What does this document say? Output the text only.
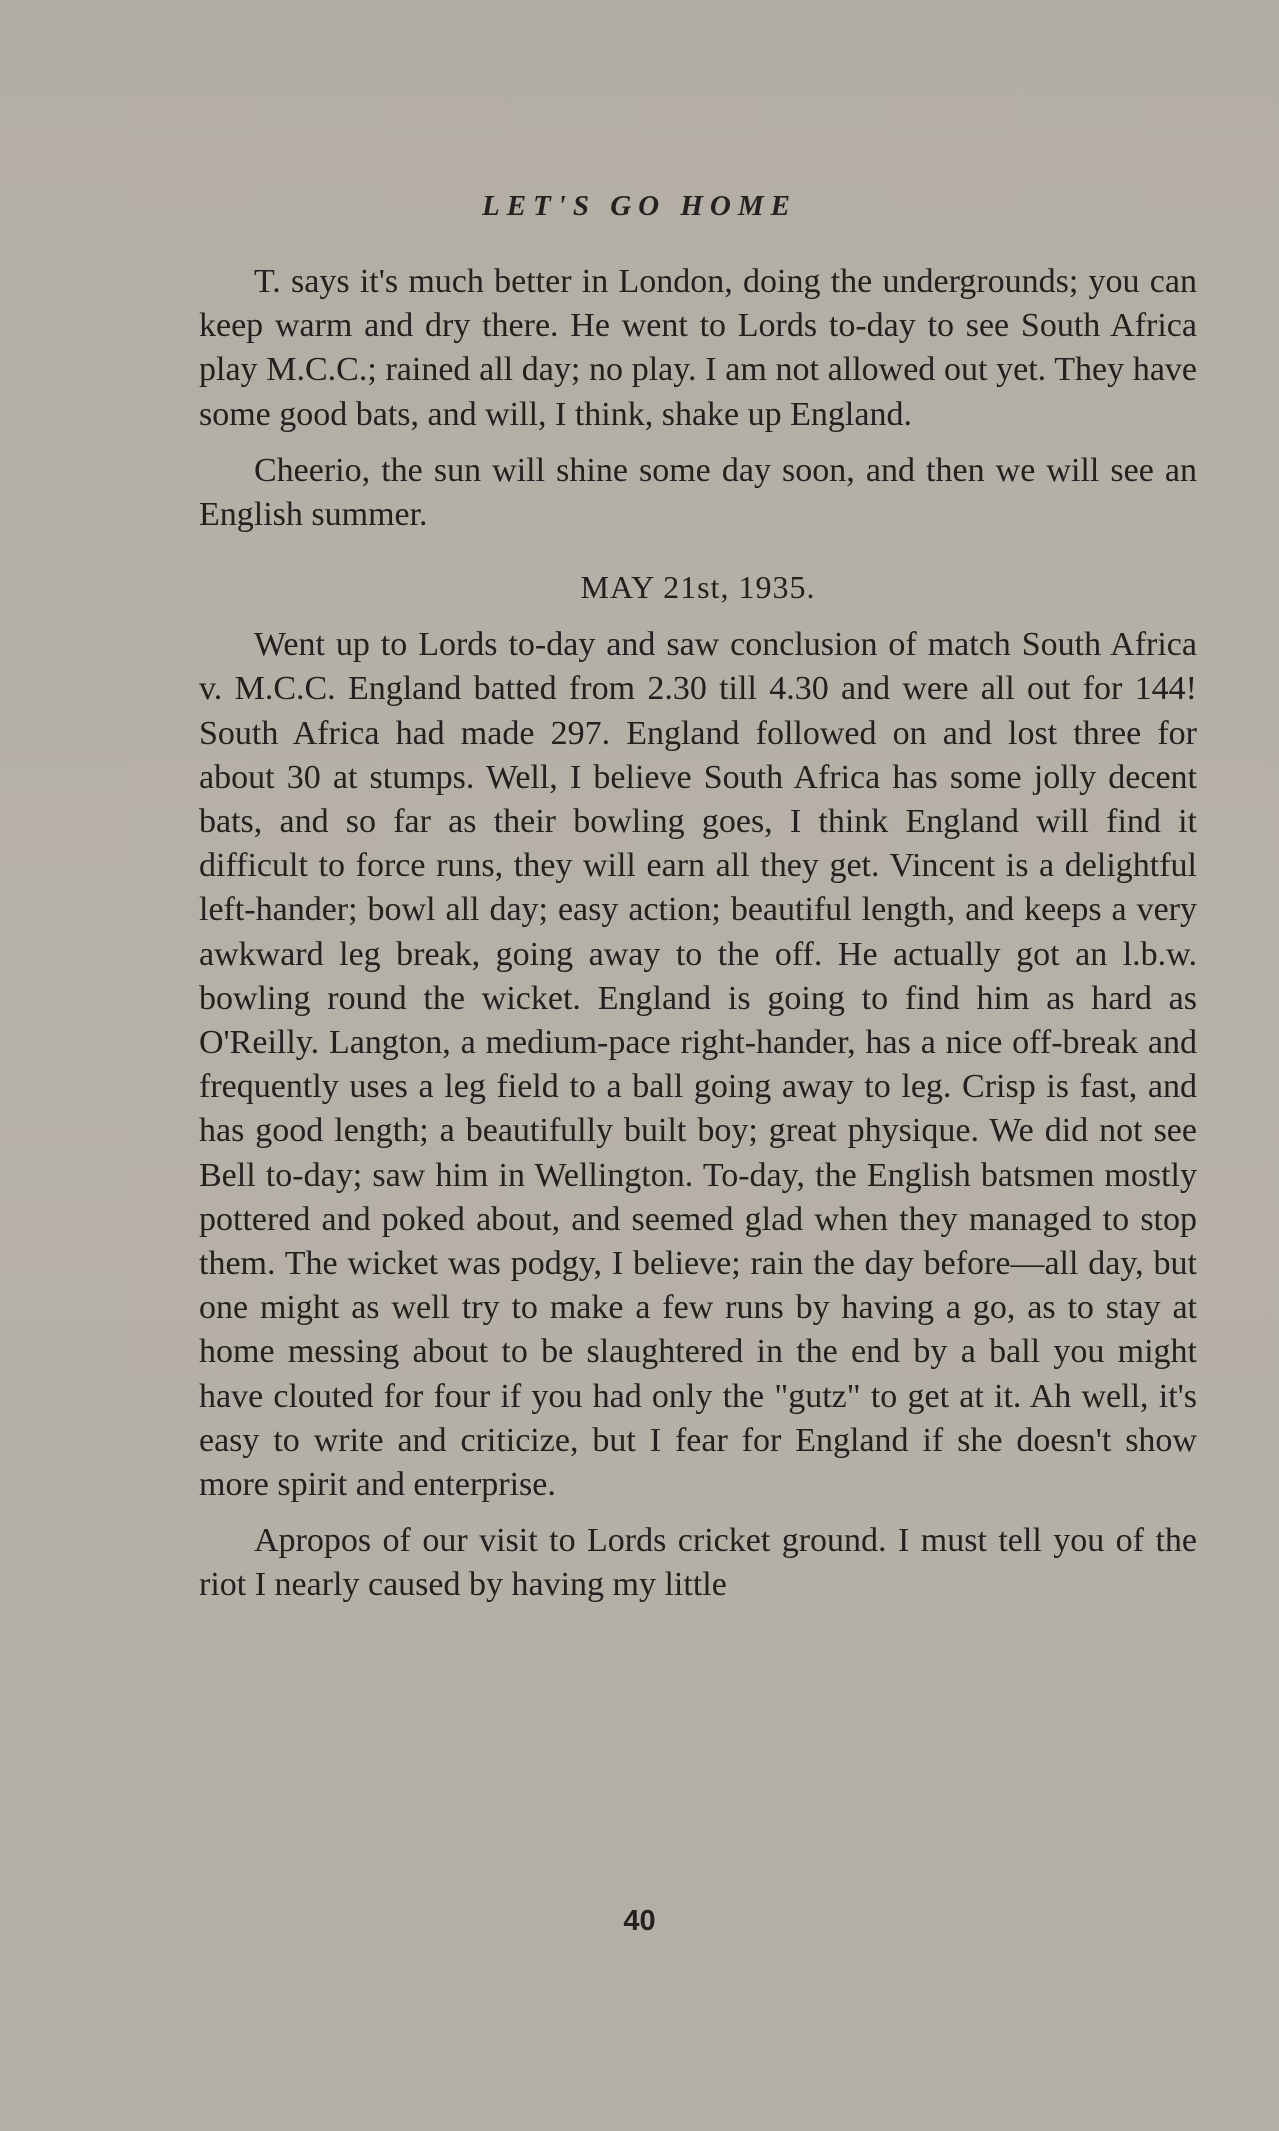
LET'S GO HOME

T. says it's much better in London, doing the undergrounds; you can keep warm and dry there. He went to Lords to-day to see South Africa play M.C.C.; rained all day; no play. I am not allowed out yet. They have some good bats, and will, I think, shake up England.

Cheerio, the sun will shine some day soon, and then we will see an English summer.

MAY 21st, 1935.

Went up to Lords to-day and saw conclusion of match South Africa v. M.C.C. England batted from 2.30 till 4.30 and were all out for 144! South Africa had made 297. England followed on and lost three for about 30 at stumps. Well, I believe South Africa has some jolly decent bats, and so far as their bowling goes, I think England will find it difficult to force runs, they will earn all they get. Vincent is a delightful left-hander; bowl all day; easy action; beautiful length, and keeps a very awkward leg break, going away to the off. He actually got an l.b.w. bowling round the wicket. England is going to find him as hard as O'Reilly. Langton, a medium-pace right-hander, has a nice off-break and frequently uses a leg field to a ball going away to leg. Crisp is fast, and has good length; a beautifully built boy; great physique. We did not see Bell to-day; saw him in Wellington. To-day, the English batsmen mostly pottered and poked about, and seemed glad when they managed to stop them. The wicket was podgy, I believe; rain the day before—all day, but one might as well try to make a few runs by having a go, as to stay at home messing about to be slaughtered in the end by a ball you might have clouted for four if you had only the "gutz" to get at it. Ah well, it's easy to write and criticize, but I fear for England if she doesn't show more spirit and enterprise.

Apropos of our visit to Lords cricket ground. I must tell you of the riot I nearly caused by having my little

40
